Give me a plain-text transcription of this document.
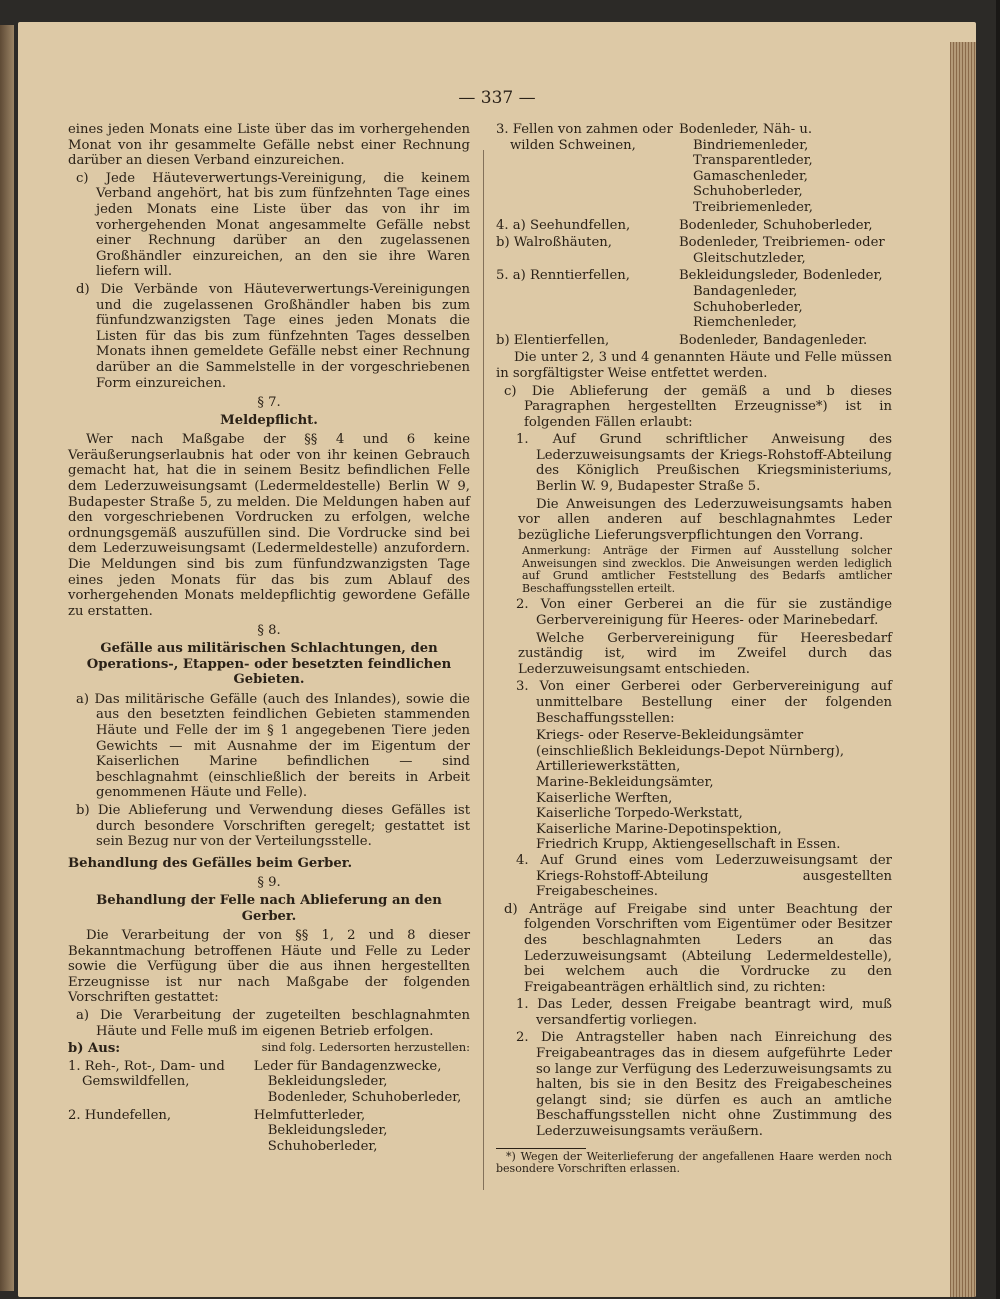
— 337 —

eines jeden Monats eine Liste über das im vorhergehenden Monat von ihr gesammelte Gefälle nebst einer Rechnung darüber an diesen Verband einzureichen.

c) Jede Häuteverwertungs-Vereinigung, die keinem Verband angehört, hat bis zum fünfzehnten Tage eines jeden Monats eine Liste über das von ihr im vorhergehenden Monat angesammelte Gefälle nebst einer Rechnung darüber an den zugelassenen Großhändler einzureichen, an den sie ihre Waren liefern will.

d) Die Verbände von Häuteverwertungs-Vereinigungen und die zugelassenen Großhändler haben bis zum fünfundzwanzigsten Tage eines jeden Monats die Listen für das bis zum fünfzehnten Tages desselben Monats ihnen gemeldete Gefälle nebst einer Rechnung darüber an die Sammelstelle in der vorgeschriebenen Form einzureichen.

§ 7.

Meldepflicht.

Wer nach Maßgabe der §§ 4 und 6 keine Veräußerungserlaubnis hat oder von ihr keinen Gebrauch gemacht hat, hat die in seinem Besitz befindlichen Felle dem Lederzuweisungsamt (Ledermeldestelle) Berlin W 9, Budapester Straße 5, zu melden. Die Meldungen haben auf den vorgeschriebenen Vordrucken zu erfolgen, welche ordnungsgemäß auszufüllen sind. Die Vordrucke sind bei dem Lederzuweisungsamt (Ledermeldestelle) anzufordern. Die Meldungen sind bis zum fünfundzwanzigsten Tage eines jeden Monats für das bis zum Ablauf des vorhergehenden Monats meldepflichtig gewordene Gefälle zu erstatten.

§ 8.

Gefälle aus militärischen Schlachtungen, den Operations-, Etappen- oder besetzten feindlichen Gebieten.

a) Das militärische Gefälle (auch des Inlandes), sowie die aus den besetzten feindlichen Gebieten stammenden Häute und Felle der im § 1 angegebenen Tiere jeden Gewichts — mit Ausnahme der im Eigentum der Kaiserlichen Marine befindlichen — sind beschlagnahmt (einschließlich der bereits in Arbeit genommenen Häute und Felle).

b) Die Ablieferung und Verwendung dieses Gefälles ist durch besondere Vorschriften geregelt; gestattet ist sein Bezug nur von der Verteilungsstelle.

Behandlung des Gefälles beim Gerber.

§ 9.

Behandlung der Felle nach Ablieferung an den Gerber.

Die Verarbeitung der von §§ 1, 2 und 8 dieser Bekanntmachung betroffenen Häute und Felle zu Leder sowie die Verfügung über die aus ihnen hergestellten Erzeugnisse ist nur nach Maßgabe der folgenden Vorschriften gestattet:

a) Die Verarbeitung der zugeteilten beschlagnahmten Häute und Felle muß im eigenen Betrieb erfolgen.

b) Aus:	sind folg. Ledersorten herzustellen:
1. Reh-, Rot-, Dam- und Gemswildfellen,
Leder für Bandagenzwecke, Bekleidungsleder, Bodenleder, Schuhoberleder,
2. Hundefellen,	Helmfutterleder, Bekleidungsleder, Schuhoberleder,
3. Fellen von zahmen oder wilden Schweinen,
Bodenleder, Näh- u. Bindriemenleder, Transparentleder, Gamaschenleder, Schuhoberleder, Treibriemenleder,
4. a) Seehundfellen,	Bodenleder, Schuhoberleder,
b) Walroßhäuten,	Bodenleder, Treibriemen- oder Gleitschutzleder,
5. a) Renntierfellen,	Bekleidungsleder, Bodenleder, Bandagenleder, Schuhoberleder, Riemchenleder,
b) Elentierfellen,	Bodenleder, Bandagenleder.

Die unter 2, 3 und 4 genannten Häute und Felle müssen in sorgfältigster Weise entfettet werden.

c) Die Ablieferung der gemäß a und b dieses Paragraphen hergestellten Erzeugnisse*) ist in folgenden Fällen erlaubt:

1. Auf Grund schriftlicher Anweisung des Lederzuweisungsamts der Kriegs-Rohstoff-Abteilung des Königlich Preußischen Kriegsministeriums, Berlin W. 9, Budapester Straße 5.

Die Anweisungen des Lederzuweisungsamts haben vor allen anderen auf beschlagnahmtes Leder bezügliche Lieferungsverpflichtungen den Vorrang.

Anmerkung: Anträge der Firmen auf Ausstellung solcher Anweisungen sind zwecklos. Die Anweisungen werden lediglich auf Grund amtlicher Feststellung des Bedarfs amtlicher Beschaffungsstellen erteilt.

2. Von einer Gerberei an die für sie zuständige Gerbervereinigung für Heeres- oder Marinebedarf.

Welche Gerbervereinigung für Heeresbedarf zuständig ist, wird im Zweifel durch das Lederzuweisungsamt entschieden.

3. Von einer Gerberei oder Gerbervereinigung auf unmittelbare Bestellung einer der folgenden Beschaffungsstellen:

Kriegs- oder Reserve-Bekleidungsämter (einschließlich Bekleidungs-Depot Nürnberg),

Artilleriewerkstätten,

Marine-Bekleidungsämter,

Kaiserliche Werften,

Kaiserliche Torpedo-Werkstatt,

Kaiserliche Marine-Depotinspektion,

Friedrich Krupp, Aktiengesellschaft in Essen.

4. Auf Grund eines vom Lederzuweisungsamt der Kriegs-Rohstoff-Abteilung ausgestellten Freigabescheines.

d) Anträge auf Freigabe sind unter Beachtung der folgenden Vorschriften vom Eigentümer oder Besitzer des beschlagnahmten Leders an das Lederzuweisungsamt (Abteilung Ledermeldestelle), bei welchem auch die Vordrucke zu den Freigabeanträgen erhältlich sind, zu richten:

1. Das Leder, dessen Freigabe beantragt wird, muß versandfertig vorliegen.

2. Die Antragsteller haben nach Einreichung des Freigabeantrages das in diesem aufgeführte Leder so lange zur Verfügung des Lederzuweisungsamts zu halten, bis sie in den Besitz des Freigabescheines gelangt sind; sie dürfen es auch an amtliche Beschaffungsstellen nicht ohne Zustimmung des Lederzuweisungsamts veräußern.

*) Wegen der Weiterlieferung der angefallenen Haare werden noch besondere Vorschriften erlassen.
